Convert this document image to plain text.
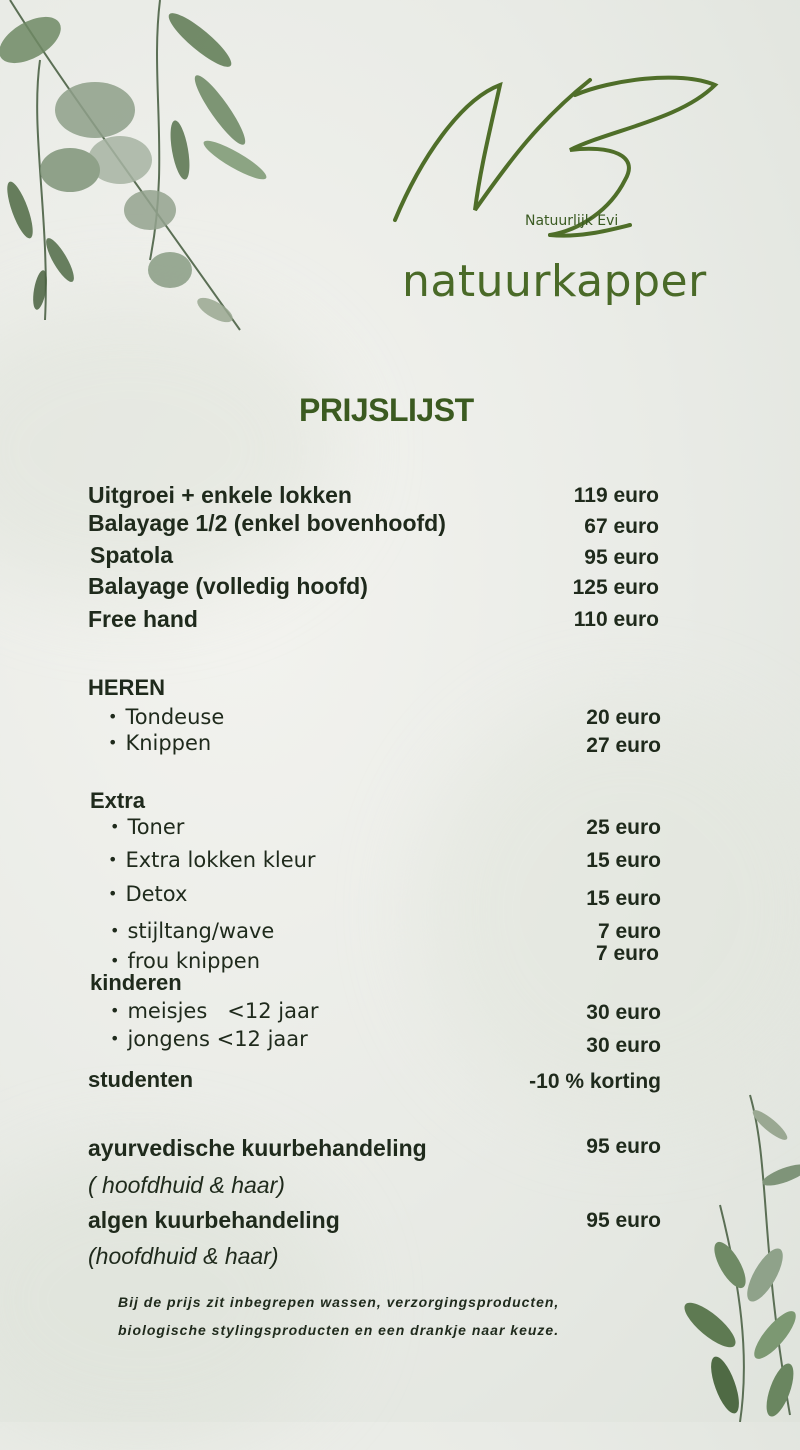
NE
Natuurlijk Evi
natuurkapper
PRIJSLIJST
Uitgroei + enkele lokken	119 euro
Balayage 1/2 (enkel bovenhoofd)	67 euro
Spatola	95 euro
Balayage (volledig hoofd)	125 euro
Free hand	110 euro
HEREN
• Tondeuse	20 euro
• Knippen	27 euro
Extra
• Toner	25 euro
• Extra lokken kleur	15 euro
• Detox	15 euro
• stijltang/wave	7 euro
• frou knippen	7 euro
kinderen
• meisjes   <12 jaar	30 euro
• jongens <12 jaar	30 euro
studenten	-10 % korting
ayurvedische kuurbehandeling	95 euro
( hoofdhuid & haar)
algen kuurbehandeling	95 euro
(hoofdhuid & haar)
Bij de prijs zit inbegrepen wassen, verzorgingsproducten,
biologische stylingsproducten en een drankje naar keuze.
